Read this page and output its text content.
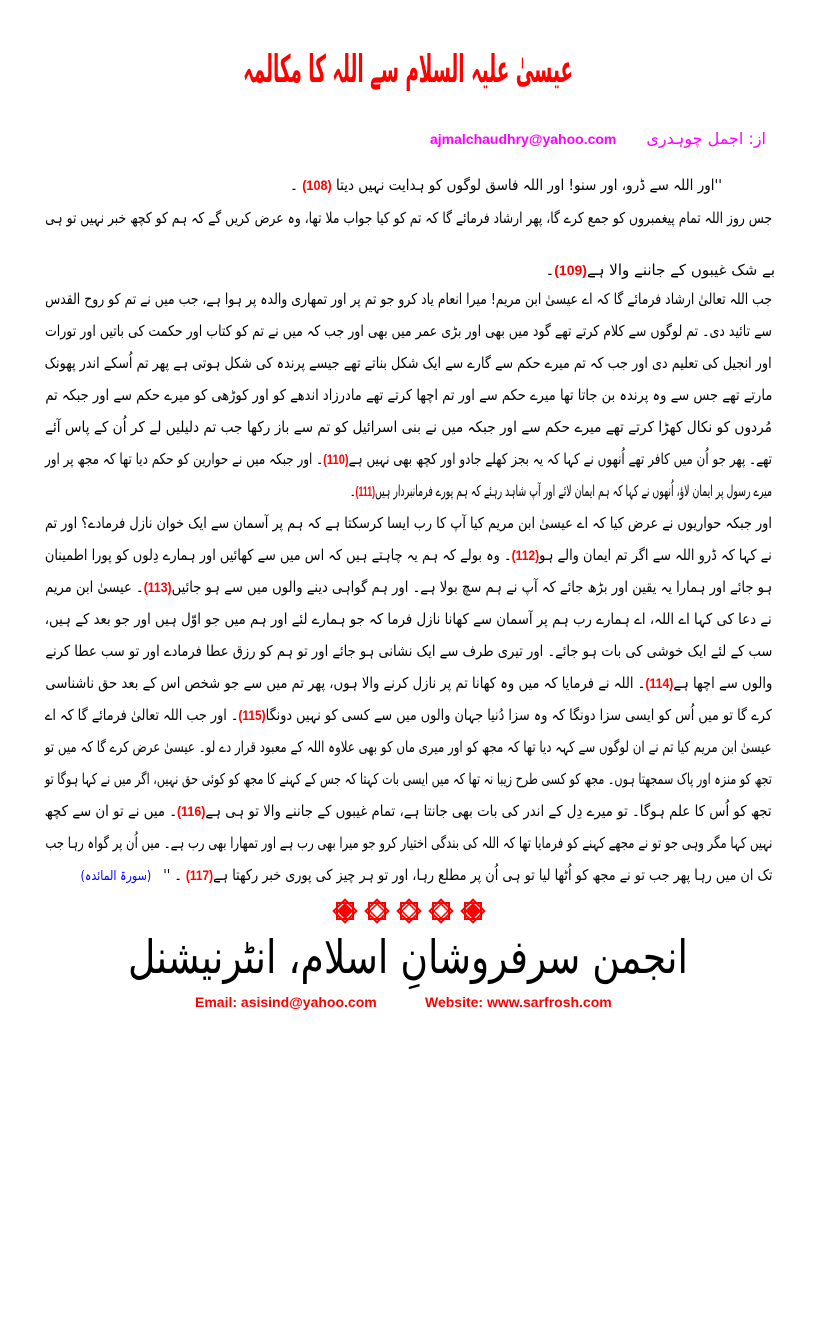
عیسیٰ علیہ السلام سے اللہ کا مکالمہ
ajmalchaudhry@yahoo.com از: اجمل چوہدری
''اور اللہ سے ڈرو، اور سنو! اور اللہ فاسق لوگوں کو ہدایت نہیں دیتا (108) ۔
جس روز اللہ تمام پیغمبروں کو جمع کرے گا، پھر ارشاد فرمائے گا کہ تم کو کیا جواب ملا تھا، وہ عرض کریں گے کہ ہم کو کچھ خبر نہیں تو ہی
بے شک غیبوں کے جاننے والا ہے(109)۔
جب اللہ تعالیٰ ارشاد فرمائے گا کہ اے عیسیٰ ابن مریم! میرا انعام یاد کرو جو تم پر اور تمھاری والدہ پر ہوا ہے، جب میں نے تم کو روح القدس
سے تائید دی۔ تم لوگوں سے کلام کرتے تھے گود میں بھی اور بڑی عمر میں بھی اور جب کہ میں نے تم کو کتاب اور حکمت کی باتیں اور تورات
اور انجیل کی تعلیم دی اور جب کہ تم میرے حکم سے گارے سے ایک شکل بناتے تھے جیسے پرندہ کی شکل ہوتی ہے پھر تم اُسکے اندر پھونک
مارتے تھے جس سے وہ پرندہ بن جاتا تھا میرے حکم سے اور تم اچھا کرتے تھے مادرزاد اندھے کو اور کوڑھی کو میرے حکم سے اور جبکہ تم
مُردوں کو نکال کھڑا کرتے تھے میرے حکم سے اور جبکہ میں نے بنی اسرائیل کو تم سے باز رکھا جب تم دلیلیں لے کر اُن کے پاس آئے
تھے۔ پھر جو اُن میں کافر تھے اُنھوں نے کہا کہ یہ بجز کھلے جادو اور کچھ بھی نہیں ہے(110)۔ اور جبکہ میں نے حوارین کو حکم دیا تھا کہ مجھ پر اور
میرے رسول پر ایمان لاؤ، اُنھوں نے کہا کہ ہم ایمان لائے اور آپ شاہد رہئے کہ ہم پورے فرمانبردار ہیں(111)۔
اور جبکہ حواریوں نے عرض کیا کہ اے عیسیٰ ابن مریم کیا آپ کا رب ایسا کرسکتا ہے کہ ہم پر آسمان سے ایک خوان نازل فرمادے؟ اور تم
نے کہا کہ ڈرو اللہ سے اگر تم ایمان والے ہو(112)۔ وہ بولے کہ ہم یہ چاہتے ہیں کہ اس میں سے کھائیں اور ہمارے دِلوں کو پورا اطمینان
ہو جائے اور ہمارا یہ یقین اور بڑھ جائے کہ آپ نے ہم سچ بولا ہے۔ اور ہم گواہی دینے والوں میں سے ہو جائیں(113)۔ عیسیٰ ابن مریم
نے دعا کی کہا اے اللہ، اے ہمارے رب ہم پر آسمان سے کھانا نازل فرما کہ جو ہمارے لئے اور ہم میں جو اوّل ہیں اور جو بعد کے ہیں،
سب کے لئے ایک خوشی کی بات ہو جائے۔ اور تیری طرف سے ایک نشانی ہو جائے اور تو ہم کو رزق عطا فرمادے اور تو سب عطا کرنے
والوں سے اچھا ہے(114)۔ اللہ نے فرمایا کہ میں وہ کھانا تم پر نازل کرنے والا ہوں، پھر تم میں سے جو شخص اس کے بعد حق ناشناسی
کرے گا تو میں اُس کو ایسی سزا دونگا کہ وہ سزا دُنیا جہان والوں میں سے کسی کو نہیں دونگا(115)۔ اور جب اللہ تعالیٰ فرمائے گا کہ اے
عیسیٰ ابن مریم کیا تم نے ان لوگوں سے کہہ دیا تھا کہ مجھ کو اور میری ماں کو بھی علاوہ اللہ کے معبود قرار دے لو۔ عیسیٰ عرض کرے گا کہ میں تو
تجھ کو منزہ اور پاک سمجھتا ہوں۔ مجھ کو کسی طرح زیبا نہ تھا کہ میں ایسی بات کہتا کہ جس کے کہنے کا مجھ کو کوئی حق نہیں، اگر میں نے کہا ہوگا تو
تجھ کو اُس کا علم ہوگا۔ تو میرے دِل کے اندر کی بات بھی جانتا ہے، تمام غیبوں کے جاننے والا تو ہی ہے(116)۔ میں نے تو ان سے کچھ
نہیں کہا مگر وہی جو تو نے مجھے کہنے کو فرمایا تھا کہ اللہ کی بندگی اختیار کرو جو میرا بھی رب ہے اور تمھارا بھی رب ہے۔ میں اُن پر گواہ رہا جب
تک ان میں رہا پھر جب تو نے مجھ کو اُٹھا لیا تو ہی اُن پر مطلع رہا، اور تو ہر چیز کی پوری خبر رکھتا ہے(117) ۔ ''(سورۃ المائدہ)
انجمن سرفروشانِ اسلام، انٹرنیشنل
Email: asisind@yahoo.com	Website: www.sarfrosh.com
